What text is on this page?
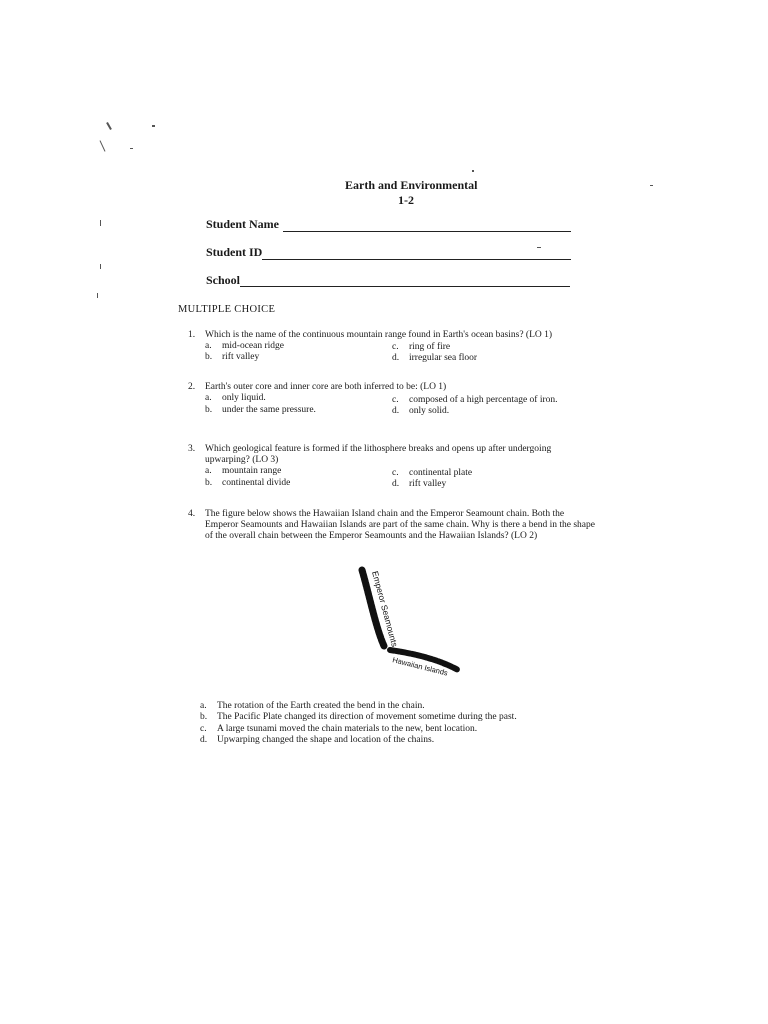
Earth and Environmental
1-2
Student Name
Student ID
School
MULTIPLE CHOICE
1. Which is the name of the continuous mountain range found in Earth's ocean basins? (LO 1)
a. mid-ocean ridge
b. rift valley
c. ring of fire
d. irregular sea floor
2. Earth's outer core and inner core are both inferred to be: (LO 1)
a. only liquid.
b. under the same pressure.
c. composed of a high percentage of iron.
d. only solid.
3. Which geological feature is formed if the lithosphere breaks and opens up after undergoing
upwarping? (LO 3)
a. mountain range
b. continental divide
c. continental plate
d. rift valley
4. The figure below shows the Hawaiian Island chain and the Emperor Seamount chain. Both the
Emperor Seamounts and Hawaiian Islands are part of the same chain. Why is there a bend in the shape
of the overall chain between the Emperor Seamounts and the Hawaiian Islands? (LO 2)
Emperor Seamounts
Hawaiian Islands
a. The rotation of the Earth created the bend in the chain.
b. The Pacific Plate changed its direction of movement sometime during the past.
c. A large tsunami moved the chain materials to the new, bent location.
d. Upwarping changed the shape and location of the chains.
